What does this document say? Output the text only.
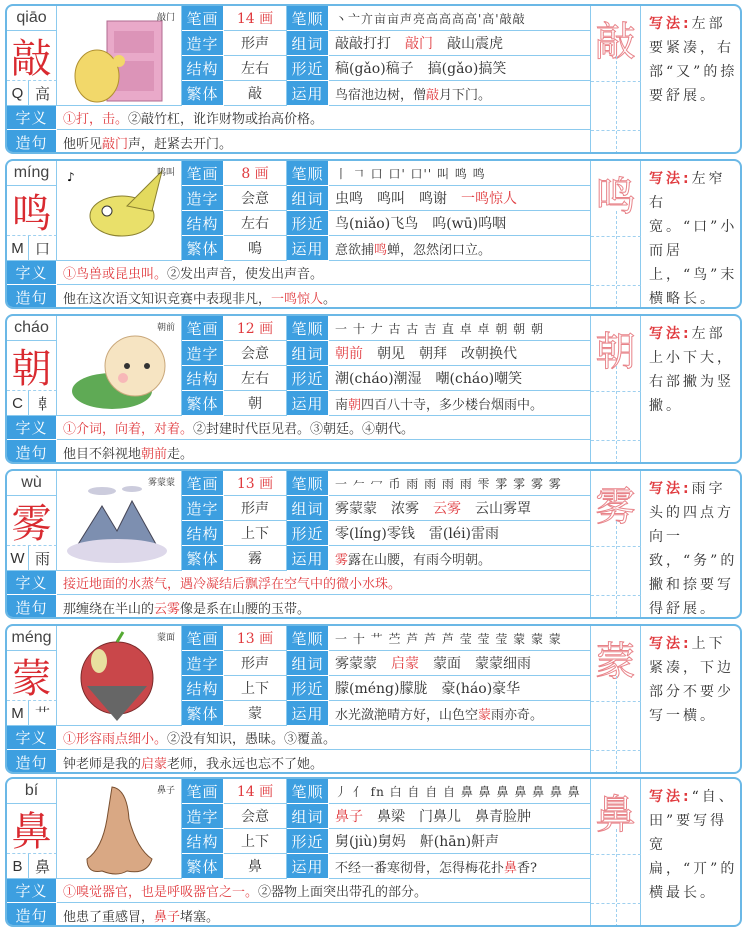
qiāo
敲
Q 高
敲门 笔画	14 画	笔顺 丶亠亣亩亩声亮高高高高'高'敲敲
造字	形声	组词 敲敲打打　 敲门 　敲山震虎
结构	左右	形近 稿(gǎo)稿子　搞(gǎo)搞笑
繁体	敲	运用 鸟宿池边树，僧 敲 月下门。
字义	①打，击。 ②敲竹杠，讹诈财物或抬高价格。
造句	他听见 敲门 声，赶紧去开门。
敲 写法:左部要紧凑，右部“又”的捺要舒展。
míng
鸣
M 口
鸣叫
♪	笔画	8 画	笔顺 丨 𠃍 口 口' 口'' 叫 鸣 鸣
造字	会意	组词 虫鸣　鸣叫　鸣谢　 一鸣惊人
结构	左右	形近 鸟(niǎo)飞鸟　呜(wū)呜咽
繁体	鳴	运用 意欲捕 鸣 蝉，忽然闭口立。
字义	①鸟兽或昆虫叫。 ②发出声音，使发出声音。
造句	他在这次语文知识竞赛中表现非凡， 一鸣惊人 。
鸣 写法:左窄右宽。“口”小而居上，“鸟”末横略长。
cháo
朝
C 𠦝
朝前 笔画	12 画	笔顺 一 十 𠂇 古 古 吉 直 卓 卓 朝 朝 朝
造字	会意	组词 朝前 　朝见　朝拜　改朝换代
结构	左右	形近 潮(cháo)潮湿　嘲(cháo)嘲笑
繁体	朝	运用 南 朝 四百八十寺，多少楼台烟雨中。
字义	①介词，向着，对着。 ②封建时代臣见君。③朝廷。④朝代。
造句	他目不斜视地 朝前 走。
朝 写法:左部上小下大，右部撇为竖撇。
wù
雾
W 雨
雾蒙蒙 笔画	13 画	笔顺 一 𠂉 冖 币 雨 雨 雨 雨 雫 雺 雺 雾 雾
造字	形声	组词 雾蒙蒙　浓雾　 云雾 　云山雾罩
结构	上下	形近 零(líng)零钱　雷(léi)雷雨
繁体	霧	运用 雾 露在山腰，有雨今明朝。
字义	接近地面的水蒸气，遇冷凝结后飘浮在空气中的微小水珠。
造句	那缠绕在半山的 云雾 像是系在山腰的玉带。
雾 写法:雨字头的四点方向一致，“务”的撇和捺要写得舒展。
méng
蒙
M 艹
蒙面 笔画	13 画	笔顺 一 十 艹 苎 芦 芦 芦 莹 莹 莹 蒙 蒙 蒙
造字	形声	组词 雾蒙蒙　 启蒙 　蒙面　蒙蒙细雨
结构	上下	形近 朦(méng)朦胧　豪(háo)豪华
繁体	蒙	运用 水光潋滟晴方好，山色空 蒙 雨亦奇。
字义	①形容雨点细小。 ②没有知识，愚昧。③覆盖。
造句	钟老师是我的 启蒙 老师，我永远也忘不了她。
蒙 写法:上下紧凑，下边部分不要少写一横。
bí
鼻
B 鼻
鼻子 笔画	14 画	笔顺 丿 亻 fn 白 自 自 自 鼻 鼻 鼻 鼻 鼻 鼻 鼻
造字	会意	组词 鼻子 　鼻梁　门鼻儿　鼻青脸肿
结构	上下	形近 舅(jiù)舅妈　鼾(hān)鼾声
繁体	鼻	运用 不经一番寒彻骨，怎得梅花扑 鼻 香?
字义	①嗅觉器官，也是呼吸器官之一。 ②器物上面突出带孔的部分。
造句	他患了重感冒， 鼻子 堵塞。
鼻 写法:“自、田”要写得宽扁，“丌”的横最长。
